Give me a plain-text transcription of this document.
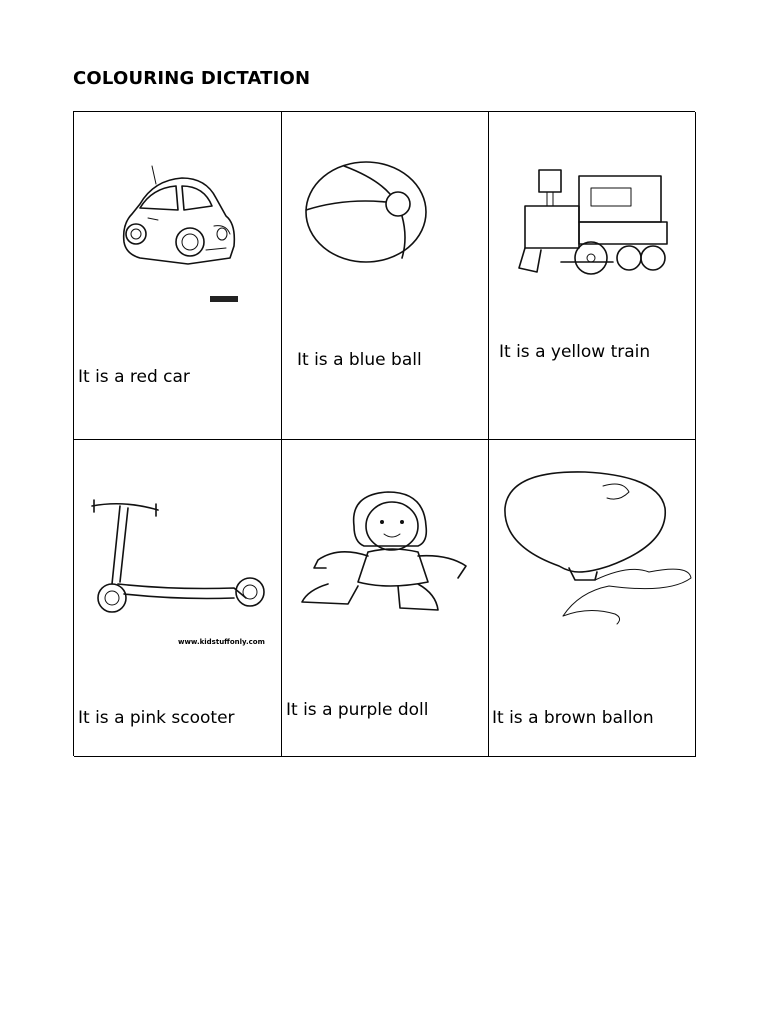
COLOURING DICTATION
It is a red car
It is a blue ball	It is a yellow train
www.kidstuffonly.com
It is a pink scooter	It is a purple doll	It is a brown ballon
